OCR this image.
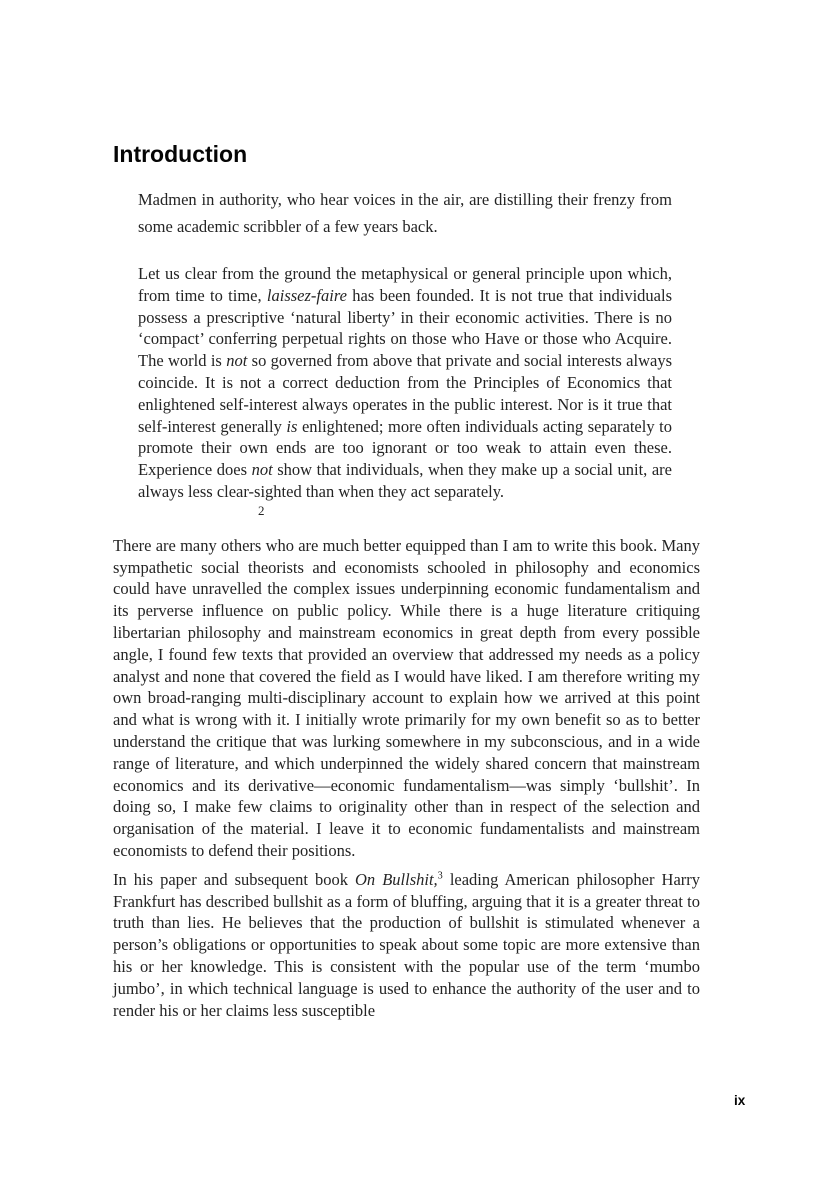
Introduction
Madmen in authority, who hear voices in the air, are distilling their frenzy from some academic scribbler of a few years back.
Let us clear from the ground the metaphysical or general principle upon which, from time to time, laissez-faire has been founded. It is not true that individuals possess a prescriptive ‘natural liberty’ in their economic activities. There is no ‘compact’ conferring perpetual rights on those who Have or those who Acquire. The world is not so governed from above that private and social interests always coincide. It is not a correct deduction from the Principles of Economics that enlightened self-interest always operates in the public interest. Nor is it true that self-interest generally is enlightened; more often individuals acting separately to promote their own ends are too ignorant or too weak to attain even these. Experience does not show that individuals, when they make up a social unit, are always less clear-sighted than when they act separately.
2

There are many others who are much better equipped than I am to write this book. Many sympathetic social theorists and economists schooled in philosophy and economics could have unravelled the complex issues underpinning economic fundamentalism and its perverse influence on public policy. While there is a huge literature critiquing libertarian philosophy and mainstream economics in great depth from every possible angle, I found few texts that provided an overview that addressed my needs as a policy analyst and none that covered the field as I would have liked. I am therefore writing my own broad-ranging multi-disciplinary account to explain how we arrived at this point and what is wrong with it. I initially wrote primarily for my own benefit so as to better understand the critique that was lurking somewhere in my subconscious, and in a wide range of literature, and which underpinned the widely shared concern that mainstream economics and its derivative—economic fundamentalism—was simply ‘bullshit’. In doing so, I make few claims to originality other than in respect of the selection and organisation of the material. I leave it to economic fundamentalists and mainstream economists to defend their positions.

In his paper and subsequent book On Bullshit,$^3$ leading American philosopher Harry Frankfurt has described bullshit as a form of bluffing, arguing that it is a greater threat to truth than lies. He believes that the production of bullshit is stimulated whenever a person’s obligations or opportunities to speak about some topic are more extensive than his or her knowledge. This is consistent with the popular use of the term ‘mumbo jumbo’, in which technical language is used to enhance the authority of the user and to render his or her claims less susceptible

ix
